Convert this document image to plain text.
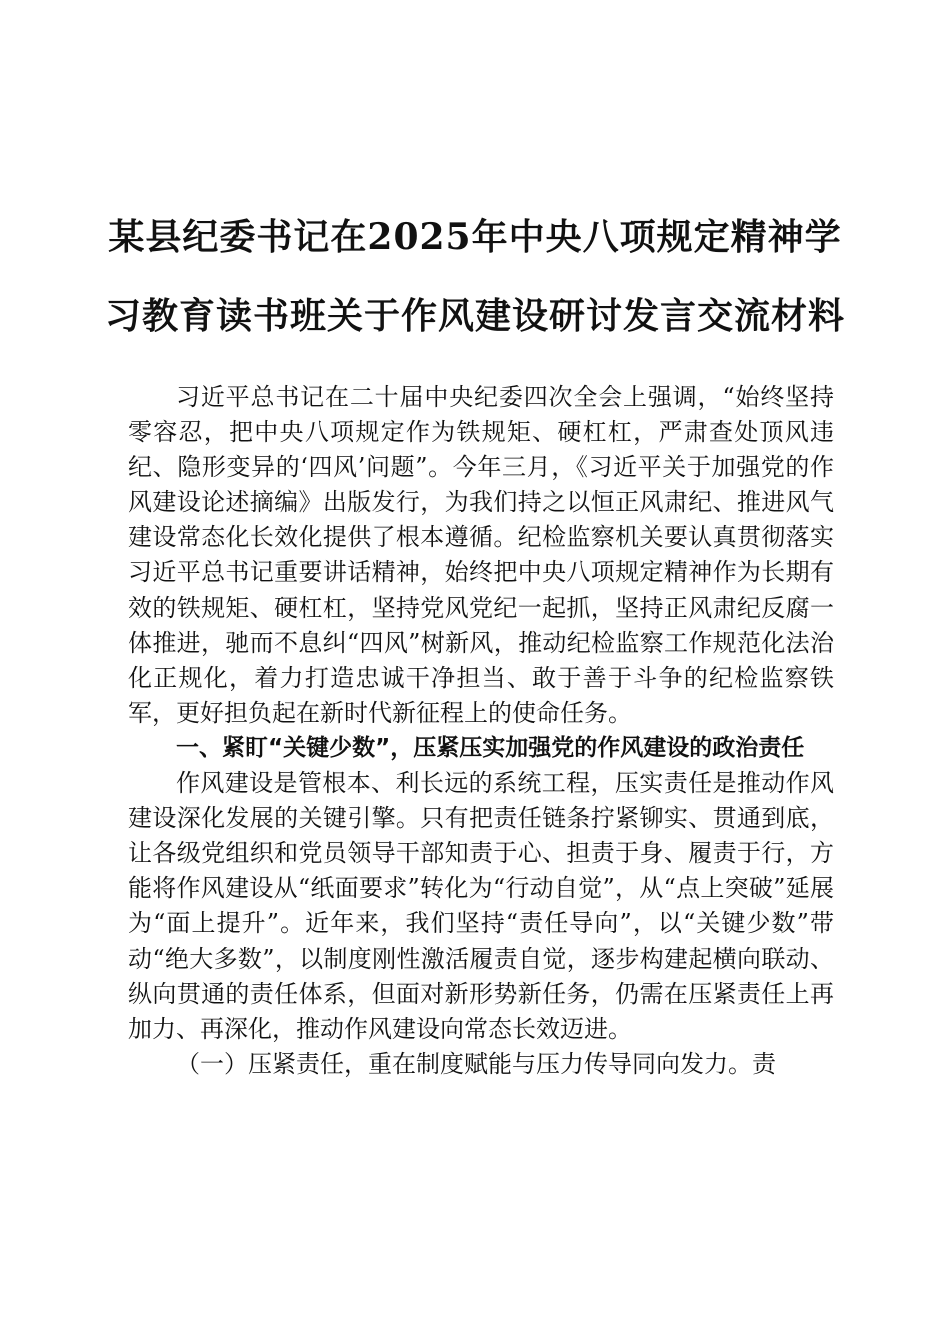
某县纪委书记在2025年中央八项规定精神学
习教育读书班关于作风建设研讨发言交流材料

习近平总书记在二十届中央纪委四次全会上强调，“始终坚持零容忍，把中央八项规定作为铁规矩、硬杠杠，严肃查处顶风违纪、隐形变异的‘四风’问题”。今年三月，《习近平关于加强党的作风建设论述摘编》出版发行，为我们持之以恒正风肃纪、推进风气建设常态化长效化提供了根本遵循。纪检监察机关要认真贯彻落实习近平总书记重要讲话精神，始终把中央八项规定精神作为长期有效的铁规矩、硬杠杠，坚持党风党纪一起抓，坚持正风肃纪反腐一体推进，驰而不息纠“四风”树新风，推动纪检监察工作规范化法治化正规化，着力打造忠诚干净担当、敢于善于斗争的纪检监察铁军，更好担负起在新时代新征程上的使命任务。

一、紧盯“关键少数”，压紧压实加强党的作风建设的政治责任

作风建设是管根本、利长远的系统工程，压实责任是推动作风建设深化发展的关键引擎。只有把责任链条拧紧铆实、贯通到底，让各级党组织和党员领导干部知责于心、担责于身、履责于行，方能将作风建设从“纸面要求”转化为“行动自觉”，从“点上突破”延展为“面上提升”。近年来，我们坚持“责任导向”，以“关键少数”带动“绝大多数”，以制度刚性激活履责自觉，逐步构建起横向联动、纵向贯通的责任体系，但面对新形势新任务，仍需在压紧责任上再加力、再深化，推动作风建设向常态长效迈进。

（一）压紧责任，重在制度赋能与压力传导同向发力。责
